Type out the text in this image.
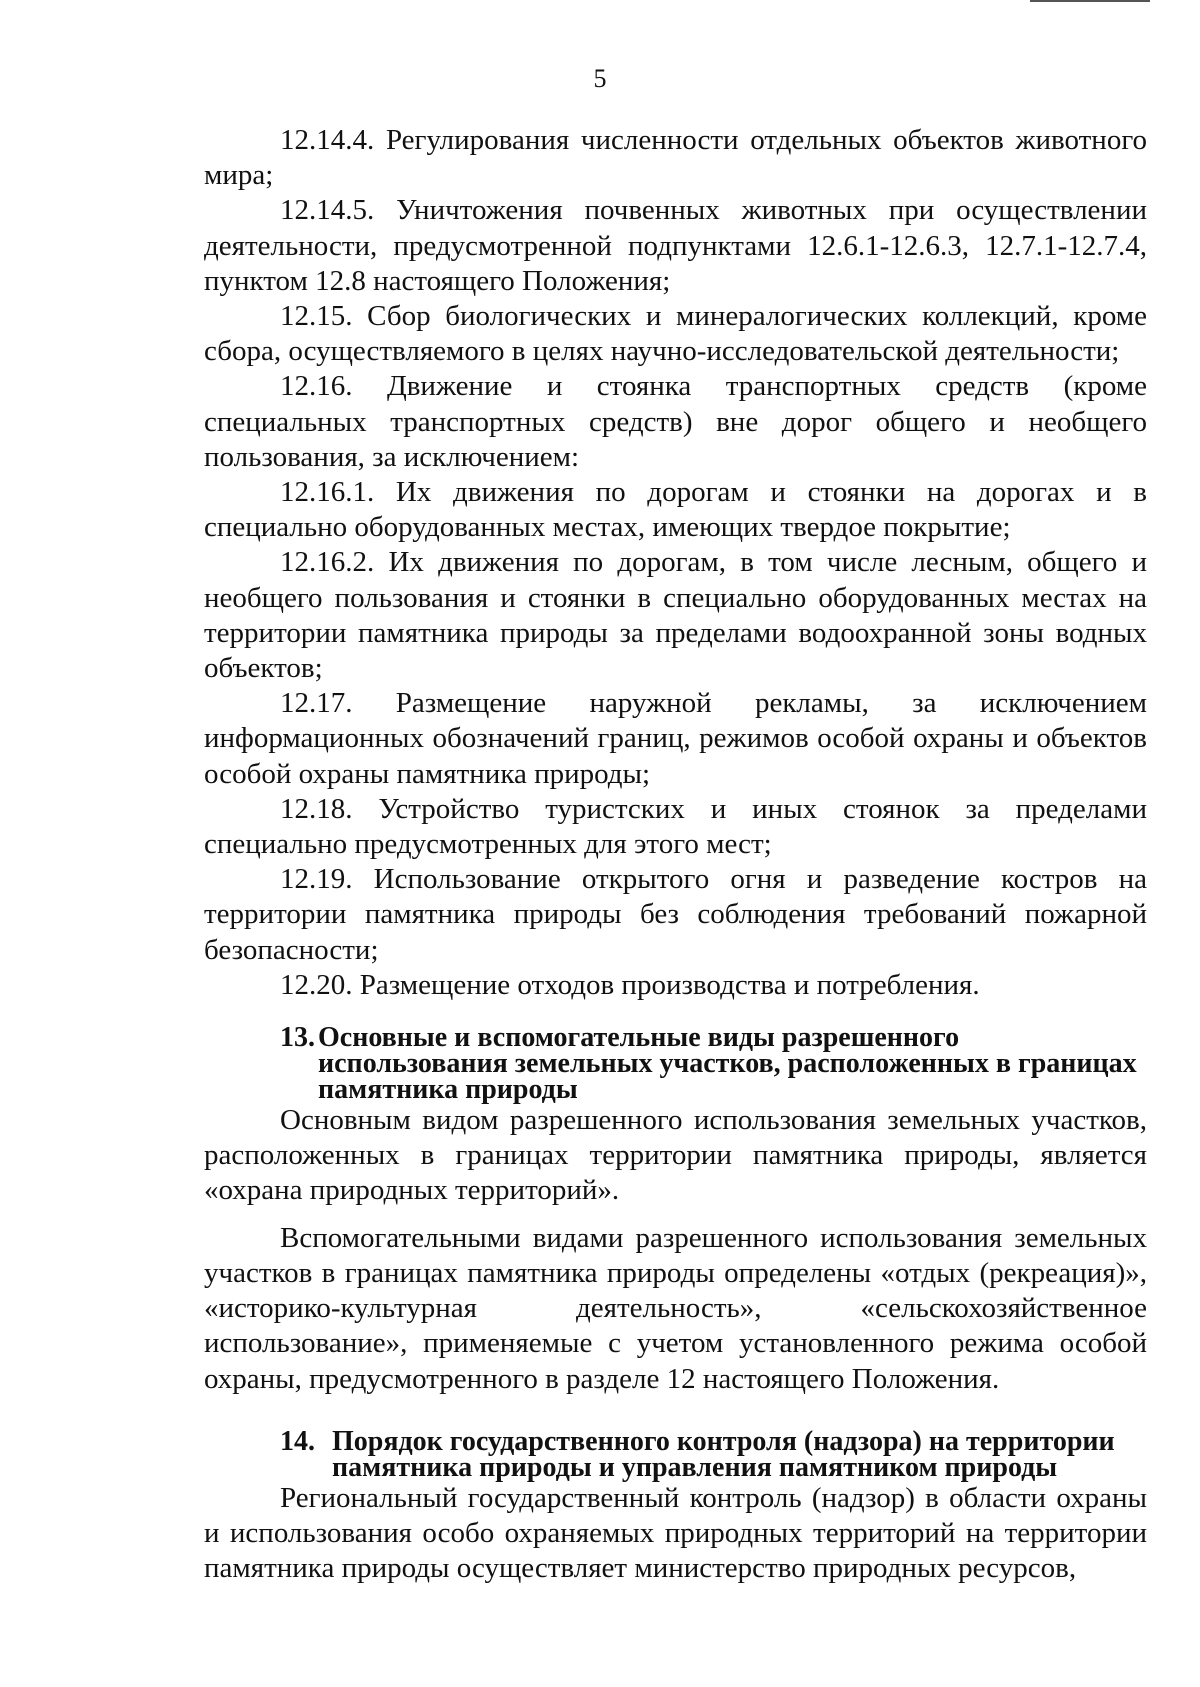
5

12.14.4. Регулирования численности отдельных объектов животного мира;

12.14.5. Уничтожения почвенных животных при осуществлении деятельности, предусмотренной подпунктами 12.6.1-12.6.3, 12.7.1-12.7.4, пунктом 12.8 настоящего Положения;

12.15. Сбор биологических и минералогических коллекций, кроме сбора, осуществляемого в целях научно-исследовательской деятельности;

12.16. Движение и стоянка транспортных средств (кроме специальных транспортных средств) вне дорог общего и необщего пользования, за исключением:

12.16.1. Их движения по дорогам и стоянки на дорогах и в специально оборудованных местах, имеющих твердое покрытие;

12.16.2. Их движения по дорогам, в том числе лесным, общего и необщего пользования и стоянки в специально оборудованных местах на территории памятника природы за пределами водоохранной зоны водных объектов;

12.17. Размещение наружной рекламы, за исключением информационных обозначений границ, режимов особой охраны и объектов особой охраны памятника природы;

12.18. Устройство туристских и иных стоянок за пределами специально предусмотренных для этого мест;

12.19. Использование открытого огня и разведение костров на территории памятника природы без соблюдения требований пожарной безопасности;

12.20. Размещение отходов производства и потребления.

13. Основные и вспомогательные виды разрешенного использования земельных участков, расположенных в границах памятника природы

Основным видом разрешенного использования земельных участков, расположенных в границах территории памятника природы, является «охрана природных территорий».

Вспомогательными видами разрешенного использования земельных участков в границах памятника природы определены «отдых (рекреация)», «историко-культурная деятельность», «сельскохозяйственное использование», применяемые с учетом установленного режима особой охраны, предусмотренного в разделе 12 настоящего Положения.

14. Порядок государственного контроля (надзора) на территории памятника природы и управления памятником природы

Региональный государственный контроль (надзор) в области охраны и использования особо охраняемых природных территорий на территории памятника природы осуществляет министерство природных ресурсов,
